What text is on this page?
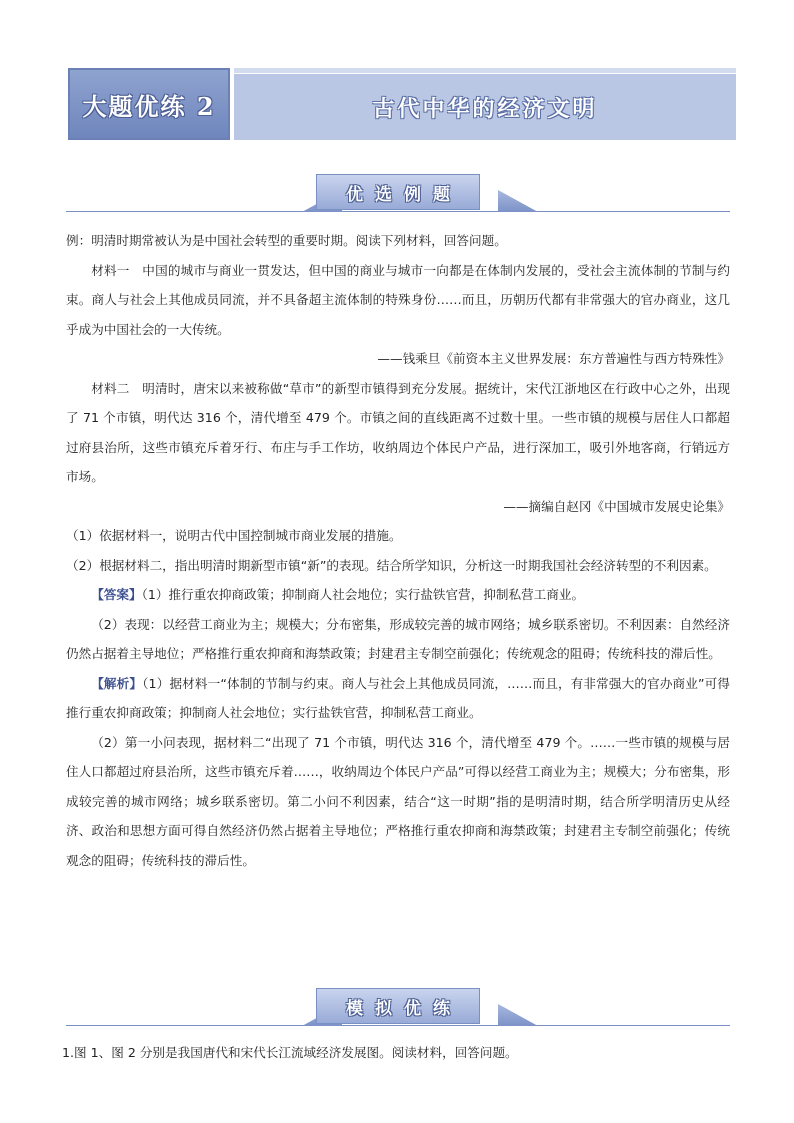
大题优练 2	古代中华的经济文明
优选例题

例：明清时期常被认为是中国社会转型的重要时期。阅读下列材料，回答问题。

材料一　中国的城市与商业一贯发达，但中国的商业与城市一向都是在体制内发展的，受社会主流体制的节制与约束。商人与社会上其他成员同流，并不具备超主流体制的特殊身份……而且，历朝历代都有非常强大的官办商业，这几乎成为中国社会的一大传统。

——钱乘旦《前资本主义世界发展：东方普遍性与西方特殊性》

材料二　明清时，唐宋以来被称做“草市”的新型市镇得到充分发展。据统计，宋代江浙地区在行政中心之外，出现了 71 个市镇，明代达 316 个，清代增至 479 个。市镇之间的直线距离不过数十里。一些市镇的规模与居住人口都超过府县治所，这些市镇充斥着牙行、布庄与手工作坊，收纳周边个体民户产品，进行深加工，吸引外地客商，行销远方市场。

——摘编自赵冈《中国城市发展史论集》

（1）依据材料一，说明古代中国控制城市商业发展的措施。

（2）根据材料二，指出明清时期新型市镇“新”的表现。结合所学知识，分析这一时期我国社会经济转型的不利因素。

【答案】（1）推行重农抑商政策；抑制商人社会地位；实行盐铁官营，抑制私营工商业。

（2）表现：以经营工商业为主；规模大；分布密集，形成较完善的城市网络；城乡联系密切。不利因素：自然经济仍然占据着主导地位；严格推行重农抑商和海禁政策；封建君主专制空前强化；传统观念的阻碍；传统科技的滞后性。

【解析】（1）据材料一“体制的节制与约束。商人与社会上其他成员同流，……而且，有非常强大的官办商业”可得推行重农抑商政策；抑制商人社会地位；实行盐铁官营，抑制私营工商业。

（2）第一小问表现，据材料二“出现了 71 个市镇，明代达 316 个，清代增至 479 个。……一些市镇的规模与居住人口都超过府县治所，这些市镇充斥着……，收纳周边个体民户产品”可得以经营工商业为主；规模大；分布密集，形成较完善的城市网络；城乡联系密切。第二小问不利因素，结合“这一时期”指的是明清时期，结合所学明清历史从经济、政治和思想方面可得自然经济仍然占据着主导地位；严格推行重农抑商和海禁政策；封建君主专制空前强化；传统观念的阻碍；传统科技的滞后性。

模拟优练

1.图 1、图 2 分别是我国唐代和宋代长江流域经济发展图。阅读材料，回答问题。
